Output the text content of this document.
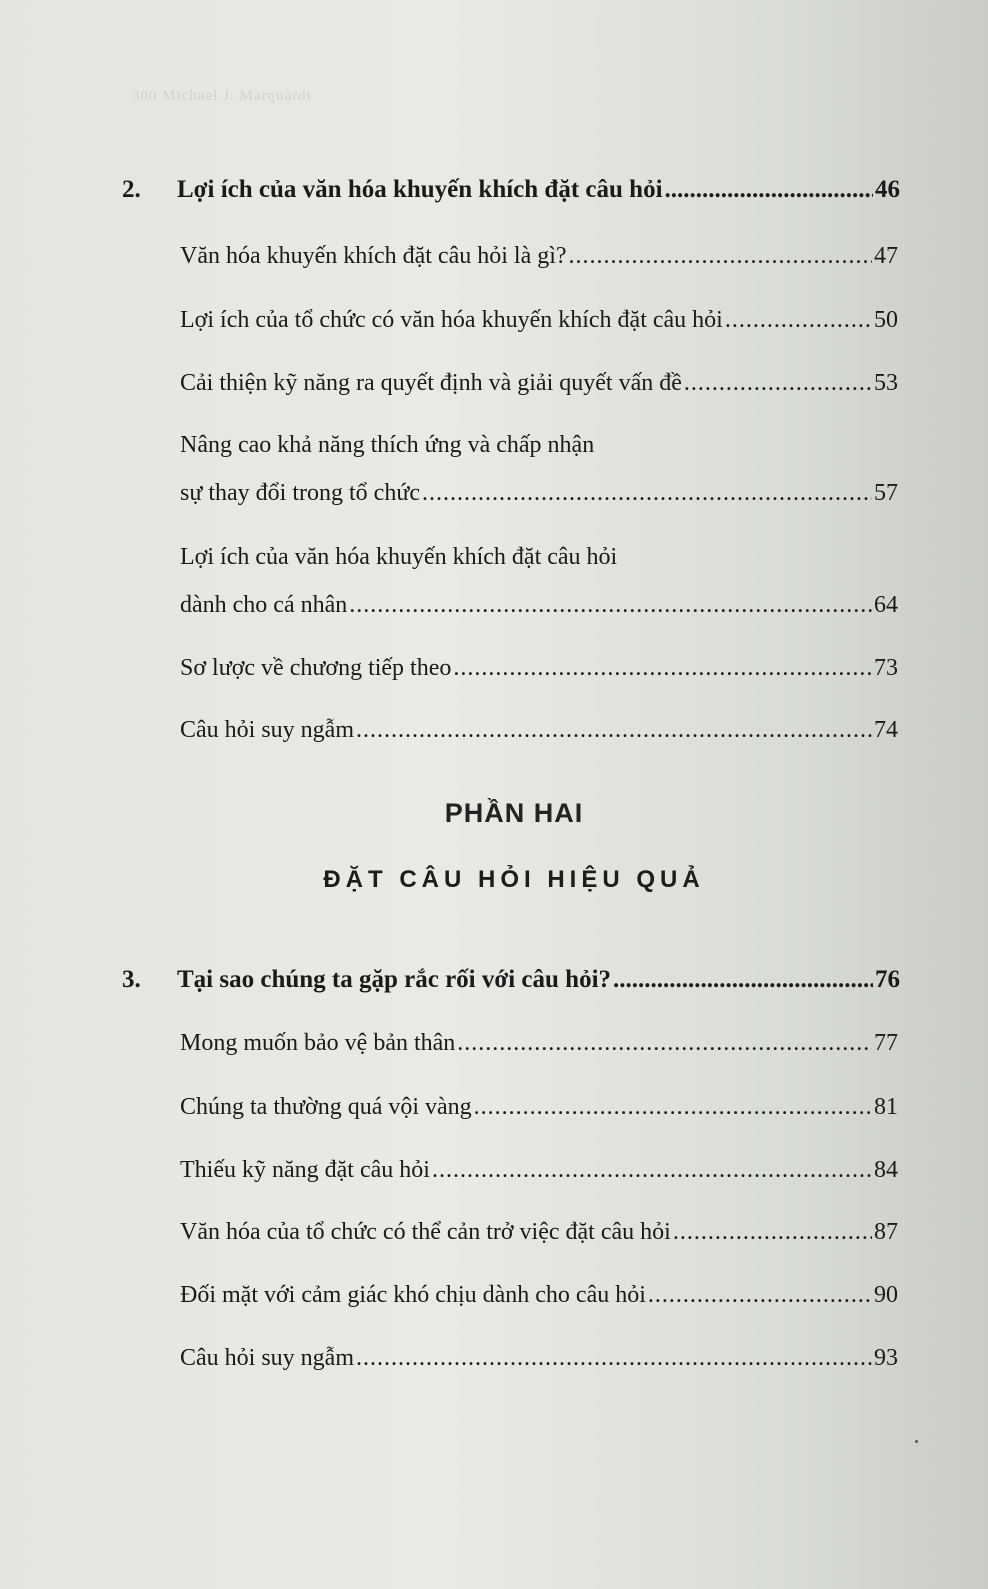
300 Michael J. Marquardt
2.	Lợi ích của văn hóa khuyến khích đặt câu hỏi .....	46
Văn hóa khuyến khích đặt câu hỏi là gì? .....	47
Lợi ích của tổ chức có văn hóa khuyến khích đặt câu hỏi .....	50
Cải thiện kỹ năng ra quyết định và giải quyết vấn đề .....	53
Nâng cao khả năng thích ứng và chấp nhận
sự thay đổi trong tổ chức .....	57
Lợi ích của văn hóa khuyến khích đặt câu hỏi
dành cho cá nhân .....	64
Sơ lược về chương tiếp theo .....	73
Câu hỏi suy ngẫm .....	74
PHẦN HAI
ĐẶT CÂU HỎI HIỆU QUẢ
3.	Tại sao chúng ta gặp rắc rối với câu hỏi? .....	76
Mong muốn bảo vệ bản thân .....	77
Chúng ta thường quá vội vàng .....	81
Thiếu kỹ năng đặt câu hỏi .....	84
Văn hóa của tổ chức có thể cản trở việc đặt câu hỏi .....	87
Đối mặt với cảm giác khó chịu dành cho câu hỏi .....	90
Câu hỏi suy ngẫm .....	93
